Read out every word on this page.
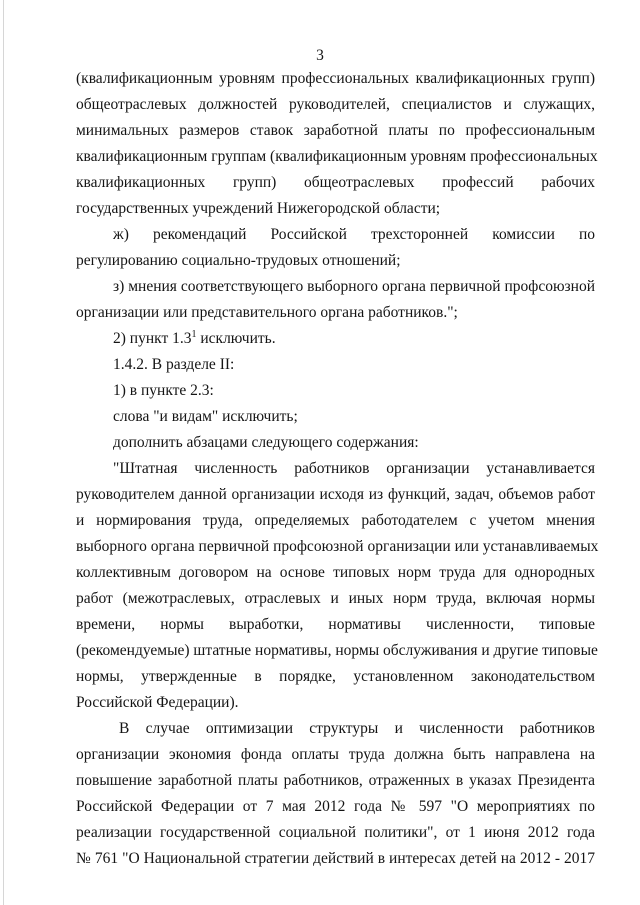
3
(квалификационным уровням профессиональных квалификационных групп)
общеотраслевых должностей руководителей, специалистов и служащих,
минимальных размеров ставок заработной платы по профессиональным
квалификационным группам (квалификационным уровням профессиональных
квалификационных групп) общеотраслевых профессий рабочих
государственных учреждений Нижегородской области;
ж) рекомендаций Российской трехсторонней комиссии по
регулированию социально-трудовых отношений;
з) мнения соответствующего выборного органа первичной профсоюзной
организации или представительного органа работников.";
2) пункт $1.3^1$ исключить.
1.4.2. В разделе II:
1) в пункте 2.3:
слова "и видам" исключить;
дополнить абзацами следующего содержания:
"Штатная численность работников организации устанавливается
руководителем данной организации исходя из функций, задач, объемов работ
и нормирования труда, определяемых работодателем с учетом мнения
выборного органа первичной профсоюзной организации или устанавливаемых
коллективным договором на основе типовых норм труда для однородных
работ (межотраслевых, отраслевых и иных норм труда, включая нормы
времени, нормы выработки, нормативы численности, типовые
(рекомендуемые) штатные нормативы, нормы обслуживания и другие типовые
нормы, утвержденные в порядке, установленном законодательством
Российской Федерации).
В случае оптимизации структуры и численности работников
организации экономия фонда оплаты труда должна быть направлена на
повышение заработной платы работников, отраженных в указах Президента
Российской Федерации от 7 мая 2012 года № 597 "О мероприятиях по
реализации государственной социальной политики", от 1 июня 2012 года
№ 761 "О Национальной стратегии действий в интересах детей на 2012 - 2017
